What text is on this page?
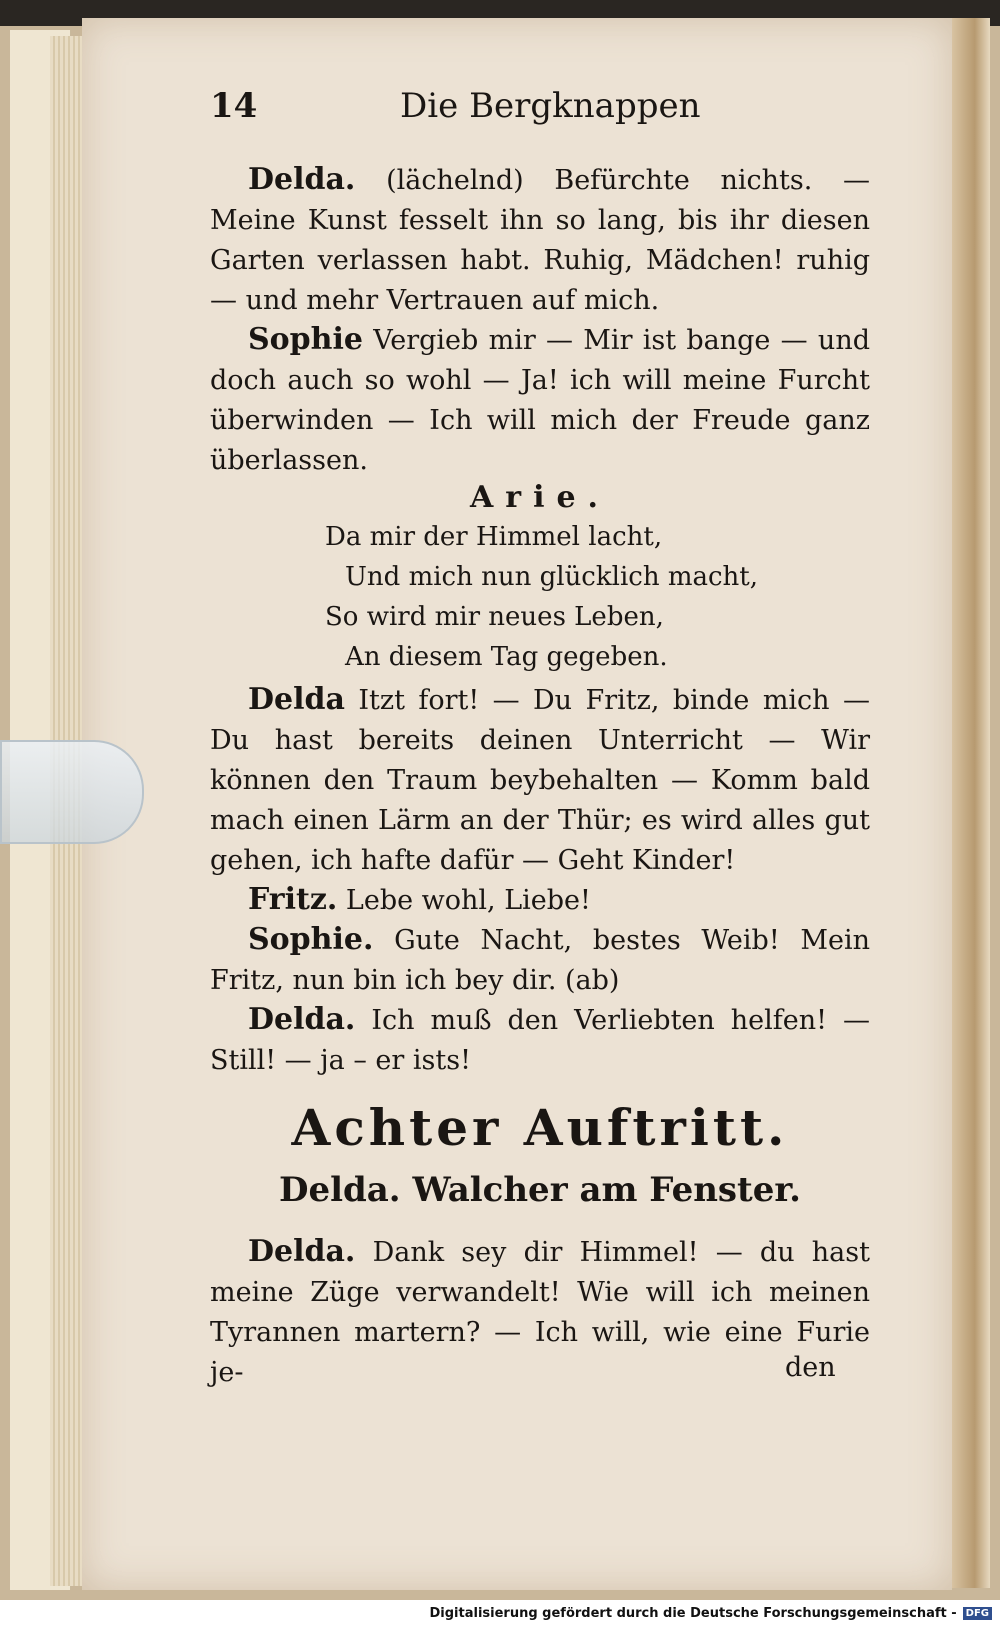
14	Die Bergknappen

Delda. (lächelnd) Befürchte nichts. — Meine Kunst fesselt ihn so lang, bis ihr diesen Garten verlassen habt. Ruhig, Mädchen! ruhig — und mehr Vertrauen auf mich.

Sophie Vergieb mir — Mir ist bange — und doch auch so wohl — Ja! ich will meine Furcht überwinden — Ich will mich der Freude ganz überlassen.

Arie.
Da mir der Himmel lacht,
Und mich nun glücklich macht,
So wird mir neues Leben,
An diesem Tag gegeben.

Delda Itzt fort! — Du Fritz, binde mich — Du hast bereits deinen Unterricht — Wir können den Traum beybehalten — Komm bald mach einen Lärm an der Thür; es wird alles gut gehen, ich hafte dafür — Geht Kinder!

Fritz. Lebe wohl, Liebe!

Sophie. Gute Nacht, bestes Weib! Mein Fritz, nun bin ich bey dir. (ab)

Delda. Ich muß den Verliebten helfen! — Still! — ja – er ists!

Achter Auftritt.
Delda. Walcher am Fenster.

Delda. Dank sey dir Himmel! — du hast meine Züge verwandelt! Wie will ich meinen Tyrannen martern? — Ich will, wie eine Furie je-	den
Digitalisierung gefördert durch die Deutsche Forschungsgemeinschaft - DFG
